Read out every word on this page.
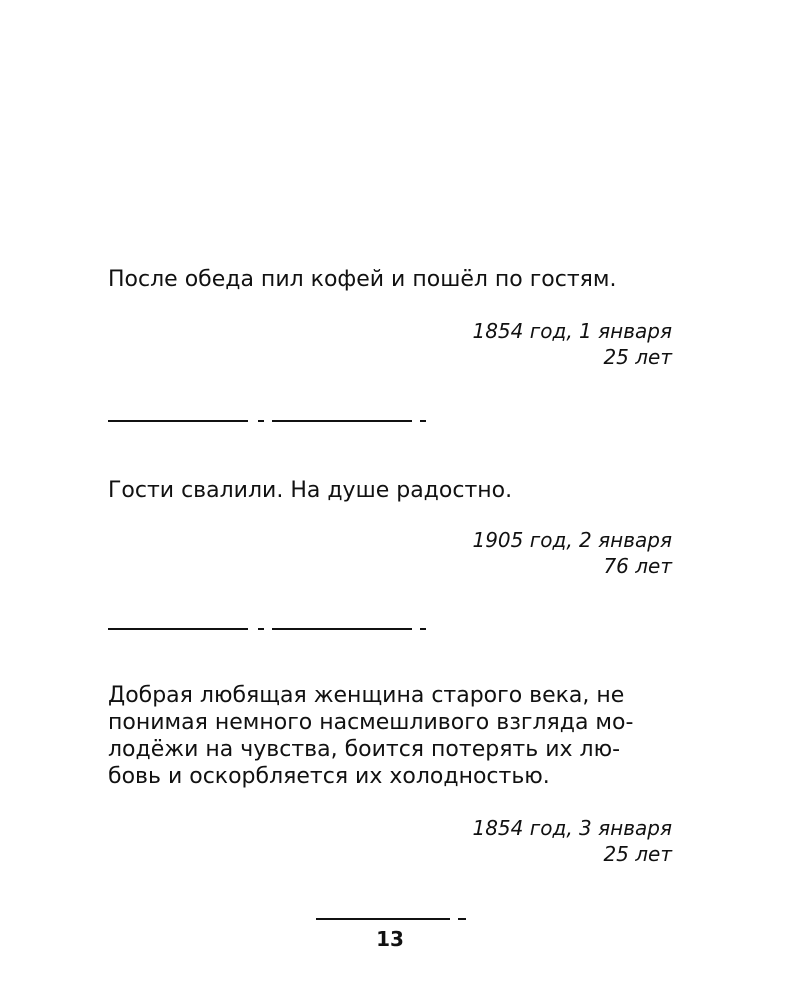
После обеда пил кофей и пошёл по гостям.

1854 год, 1 января
25 лет

Гости свалили. На душе радостно.

1905 год, 2 января
76 лет

Добрая любящая женщина старого века, не
понимая немного насмешливого взгляда мо-
лодёжи на чувства, боится потерять их лю-
бовь и оскорбляется их холодностью.

1854 год, 3 января
25 лет

13
